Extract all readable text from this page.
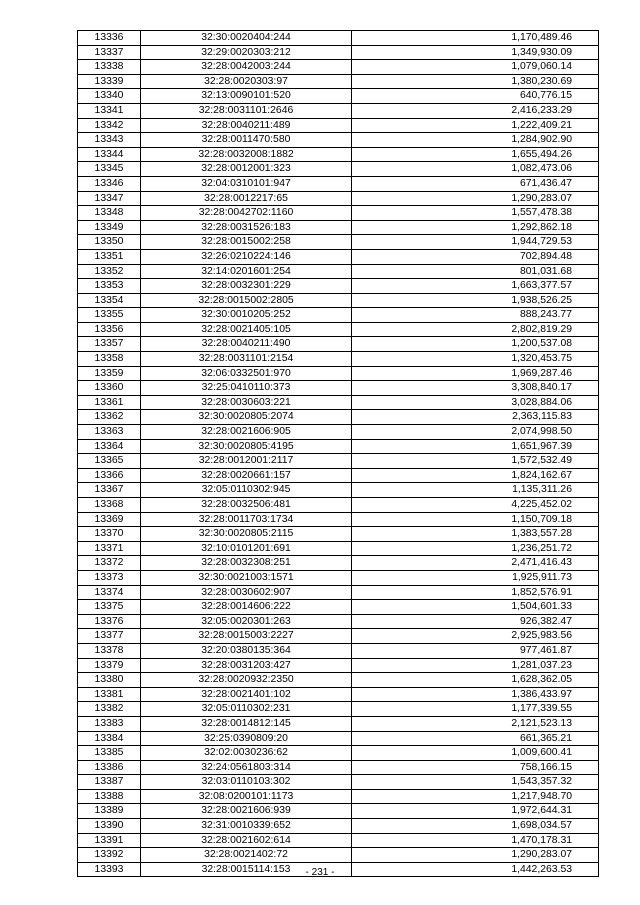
13336	32:30:0020404:244	1,170,489.46
13337	32:29:0020303:212	1,349,930.09
13338	32:28:0042003:244	1,079,060.14
13339	32:28:0020303:97	1,380,230.69
13340	32:13:0090101:520	640,776.15
13341	32:28:0031101:2646	2,416,233.29
13342	32:28:0040211:489	1,222,409.21
13343	32:28:0011470:580	1,284,902.90
13344	32:28:0032008:1882	1,655,494.26
13345	32:28:0012001:323	1,082,473.06
13346	32:04:0310101:947	671,436.47
13347	32:28:0012217:65	1,290,283.07
13348	32:28:0042702:1160	1,557,478.38
13349	32:28:0031526:183	1,292,862.18
13350	32:28:0015002:258	1,944,729.53
13351	32:26:0210224:146	702,894.48
13352	32:14:0201601:254	801,031.68
13353	32:28:0032301:229	1,663,377.57
13354	32:28:0015002:2805	1,938,526.25
13355	32:30:0010205:252	888,243.77
13356	32:28:0021405:105	2,802,819.29
13357	32:28:0040211:490	1,200,537.08
13358	32:28:0031101:2154	1,320,453.75
13359	32:06:0332501:970	1,969,287.46
13360	32:25:0410110:373	3,308,840.17
13361	32:28:0030603:221	3,028,884.06
13362	32:30:0020805:2074	2,363,115.83
13363	32:28:0021606:905	2,074,998.50
13364	32:30:0020805:4195	1,651,967.39
13365	32:28:0012001:2117	1,572,532.49
13366	32:28:0020661:157	1,824,162.67
13367	32:05:0110302:945	1,135,311.26
13368	32:28:0032506:481	4,225,452.02
13369	32:28:0011703:1734	1,150,709.18
13370	32:30:0020805:2115	1,383,557.28
13371	32:10:0101201:691	1,236,251.72
13372	32:28:0032308:251	2,471,416.43
13373	32:30:0021003:1571	1,925,911.73
13374	32:28:0030602:907	1,852,576.91
13375	32:28:0014606:222	1,504,601.33
13376	32:05:0020301:263	926,382.47
13377	32:28:0015003:2227	2,925,983.56
13378	32:20:0380135:364	977,461.87
13379	32:28:0031203:427	1,281,037.23
13380	32:28:0020932:2350	1,628,362.05
13381	32:28:0021401:102	1,386,433.97
13382	32:05:0110302:231	1,177,339.55
13383	32:28:0014812:145	2,121,523.13
13384	32:25:0390809:20	661,365.21
13385	32:02:0030236:62	1,009,600.41
13386	32:24:0561803:314	758,166.15
13387	32:03:0110103:302	1,543,357.32
13388	32:08:0200101:1173	1,217,948.70
13389	32:28:0021606:939	1,972,644.31
13390	32:31:0010339:652	1,698,034.57
13391	32:28:0021602:614	1,470,178.31
13392	32:28:0021402:72	1,290,283.07
13393	32:28:0015114:153	1,442,263.53
- 231 -
